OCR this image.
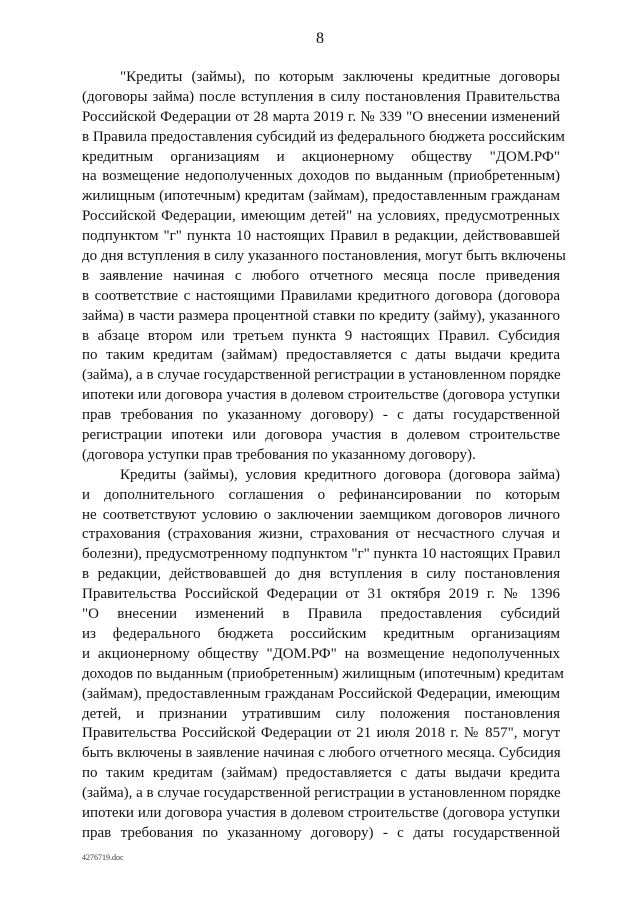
8
"Кредиты (займы), по которым заключены кредитные договоры
(договоры займа) после вступления в силу постановления Правительства
Российской Федерации от 28 марта 2019 г. № 339 "О внесении изменений
в Правила предоставления субсидий из федерального бюджета российским
кредитным организациям и акционерному обществу "ДОМ.РФ"
на возмещение недополученных доходов по выданным (приобретенным)
жилищным (ипотечным) кредитам (займам), предоставленным гражданам
Российской Федерации, имеющим детей" на условиях, предусмотренных
подпунктом "г" пункта 10 настоящих Правил в редакции, действовавшей
до дня вступления в силу указанного постановления, могут быть включены
в заявление начиная с любого отчетного месяца после приведения
в соответствие с настоящими Правилами кредитного договора (договора
займа) в части размера процентной ставки по кредиту (займу), указанного
в абзаце втором или третьем пункта 9 настоящих Правил. Субсидия
по таким кредитам (займам) предоставляется с даты выдачи кредита
(займа), а в случае государственной регистрации в установленном порядке
ипотеки или договора участия в долевом строительстве (договора уступки
прав требования по указанному договору) - с даты государственной
регистрации ипотеки или договора участия в долевом строительстве
(договора уступки прав требования по указанному договору).
Кредиты (займы), условия кредитного договора (договора займа)
и дополнительного соглашения о рефинансировании по которым
не соответствуют условию о заключении заемщиком договоров личного
страхования (страхования жизни, страхования от несчастного случая и
болезни), предусмотренному подпунктом "г" пункта 10 настоящих Правил
в редакции, действовавшей до дня вступления в силу постановления
Правительства Российской Федерации от 31 октября 2019 г. № 1396
"О внесении изменений в Правила предоставления субсидий
из федерального бюджета российским кредитным организациям
и акционерному обществу "ДОМ.РФ" на возмещение недополученных
доходов по выданным (приобретенным) жилищным (ипотечным) кредитам
(займам), предоставленным гражданам Российской Федерации, имеющим
детей, и признании утратившим силу положения постановления
Правительства Российской Федерации от 21 июля 2018 г. № 857", могут
быть включены в заявление начиная с любого отчетного месяца. Субсидия
по таким кредитам (займам) предоставляется с даты выдачи кредита
(займа), а в случае государственной регистрации в установленном порядке
ипотеки или договора участия в долевом строительстве (договора уступки
прав требования по указанному договору) - с даты государственной
4276719.doc
